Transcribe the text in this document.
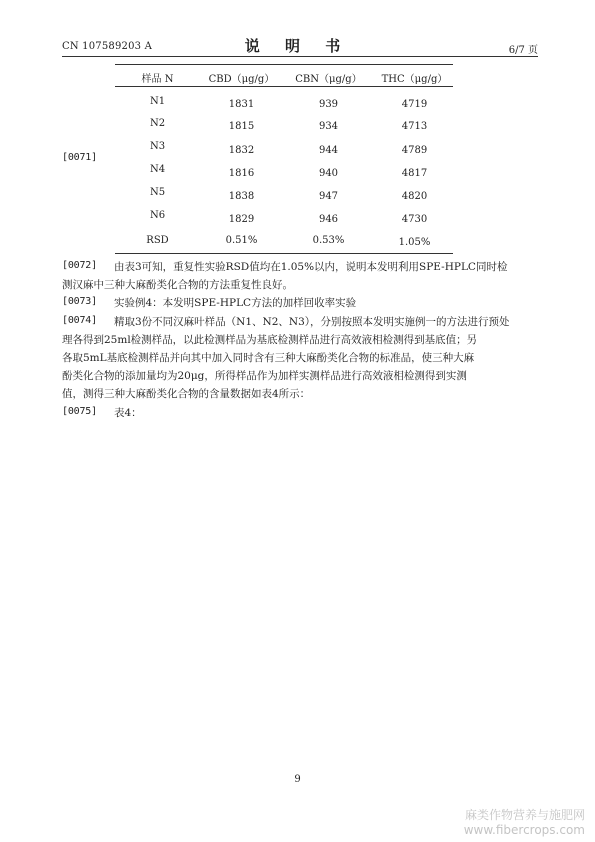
CN 107589203 A	说 明 书	6/7 页
[0071]
样品 N	CBD（μg/g）	CBN（μg/g）	THC（μg/g）
N1	1831	939	4719
N2	1815	934	4713
N3	1832	944	4789
N4	1816	940	4817
N5	1838	947	4820
N6	1829	946	4730
RSD	0.51%	0.53%	1.05%
[0072] 由表3可知，重复性实验RSD值均在1.05%以内，说明本发明利用SPE-HPLC同时检
测汉麻中三种大麻酚类化合物的方法重复性良好。
[0073] 实验例4：本发明SPE-HPLC方法的加样回收率实验
[0074] 精取3份不同汉麻叶样品（N1、N2、N3），分别按照本发明实施例一的方法进行预处
理各得到25ml检测样品，以此检测样品为基底检测样品进行高效液相检测得到基底值；另
各取5mL基底检测样品并向其中加入同时含有三种大麻酚类化合物的标准品，使三种大麻
酚类化合物的添加量均为20μg，所得样品作为加样实测样品进行高效液相检测得到实测
值，测得三种大麻酚类化合物的含量数据如表4所示：
[0075] 表4：
9
麻类作物营养与施肥网
www.fibercrops.com
